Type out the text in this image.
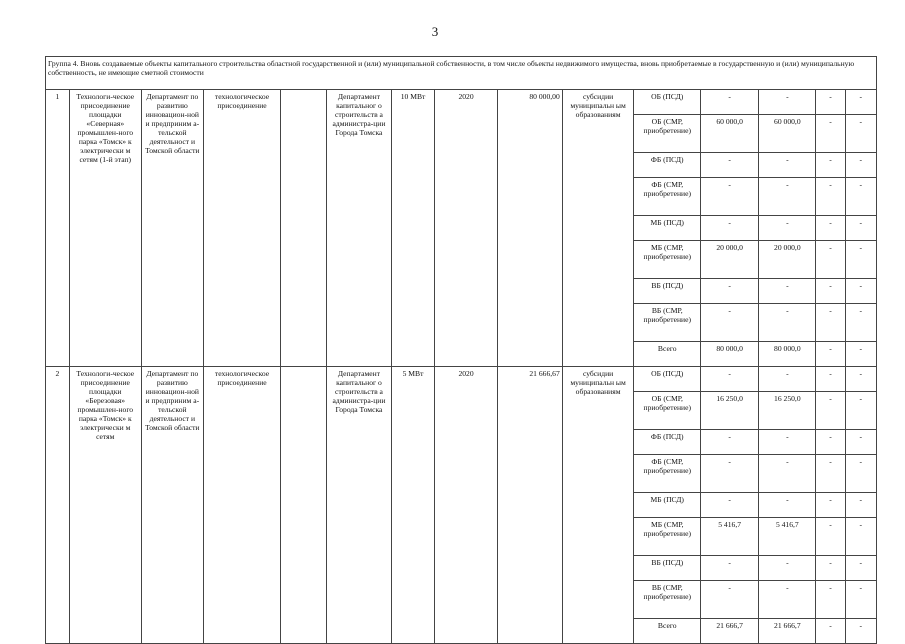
3
Группа 4. Вновь создаваемые объекты капитального строительства областной государственной и (или) муниципальной собственности, в том числе объекты недвижимого имущества, вновь приобретаемые в государственную и (или) муниципальную собственность, не имеющие сметной стоимости														
1	Технологи-ческое присоединение площадки «Северная» промышлен-ного парка «Томск» к электрически м сетям (1-й этап)	Департамент по развитию инновацион-ной и предприним а-тельской деятельност и Томской области	технологическое присоединение		Департамент капитальног о строительств а администра-ции Города Томска	10 МВт	2020	80 000,00	субсидии муниципальн ым образованиям	ОБ (ПСД)	-	-	-	-
										ОБ (СМР, приобретение)	60 000,0	60 000,0	-	-
										ФБ (ПСД)	-	-	-	-
										ФБ (СМР, приобретение)	-	-	-	-
										МБ (ПСД)	-	-	-	-
										МБ (СМР, приобретение)	20 000,0	20 000,0	-	-
										ВБ (ПСД)	-	-	-	-
										ВБ (СМР, приобретение)	-	-	-	-
										Всего	80 000,0	80 000,0	-	-
2	Технологи-ческое присоединение площадки «Березовая» промышлен-ного парка «Томск» к электрически м сетям	Департамент по развитию инновацион-ной и предприним а-тельской деятельност и Томской области	технологическое присоединение		Департамент капитальног о строительств а администра-ции Города Томска	5 МВт	2020	21 666,67	субсидии муниципальн ым образованиям	ОБ (ПСД)	-	-	-	-
										ОБ (СМР, приобретение)	16 250,0	16 250,0	-	-
										ФБ (ПСД)	-	-	-	-
										ФБ (СМР, приобретение)	-	-	-	-
										МБ (ПСД)	-	-	-	-
										МБ (СМР, приобретение)	5 416,7	5 416,7	-	-
										ВБ (ПСД)	-	-	-	-
										ВБ (СМР, приобретение)	-	-	-	-
										Всего	21 666,7	21 666,7	-	-
